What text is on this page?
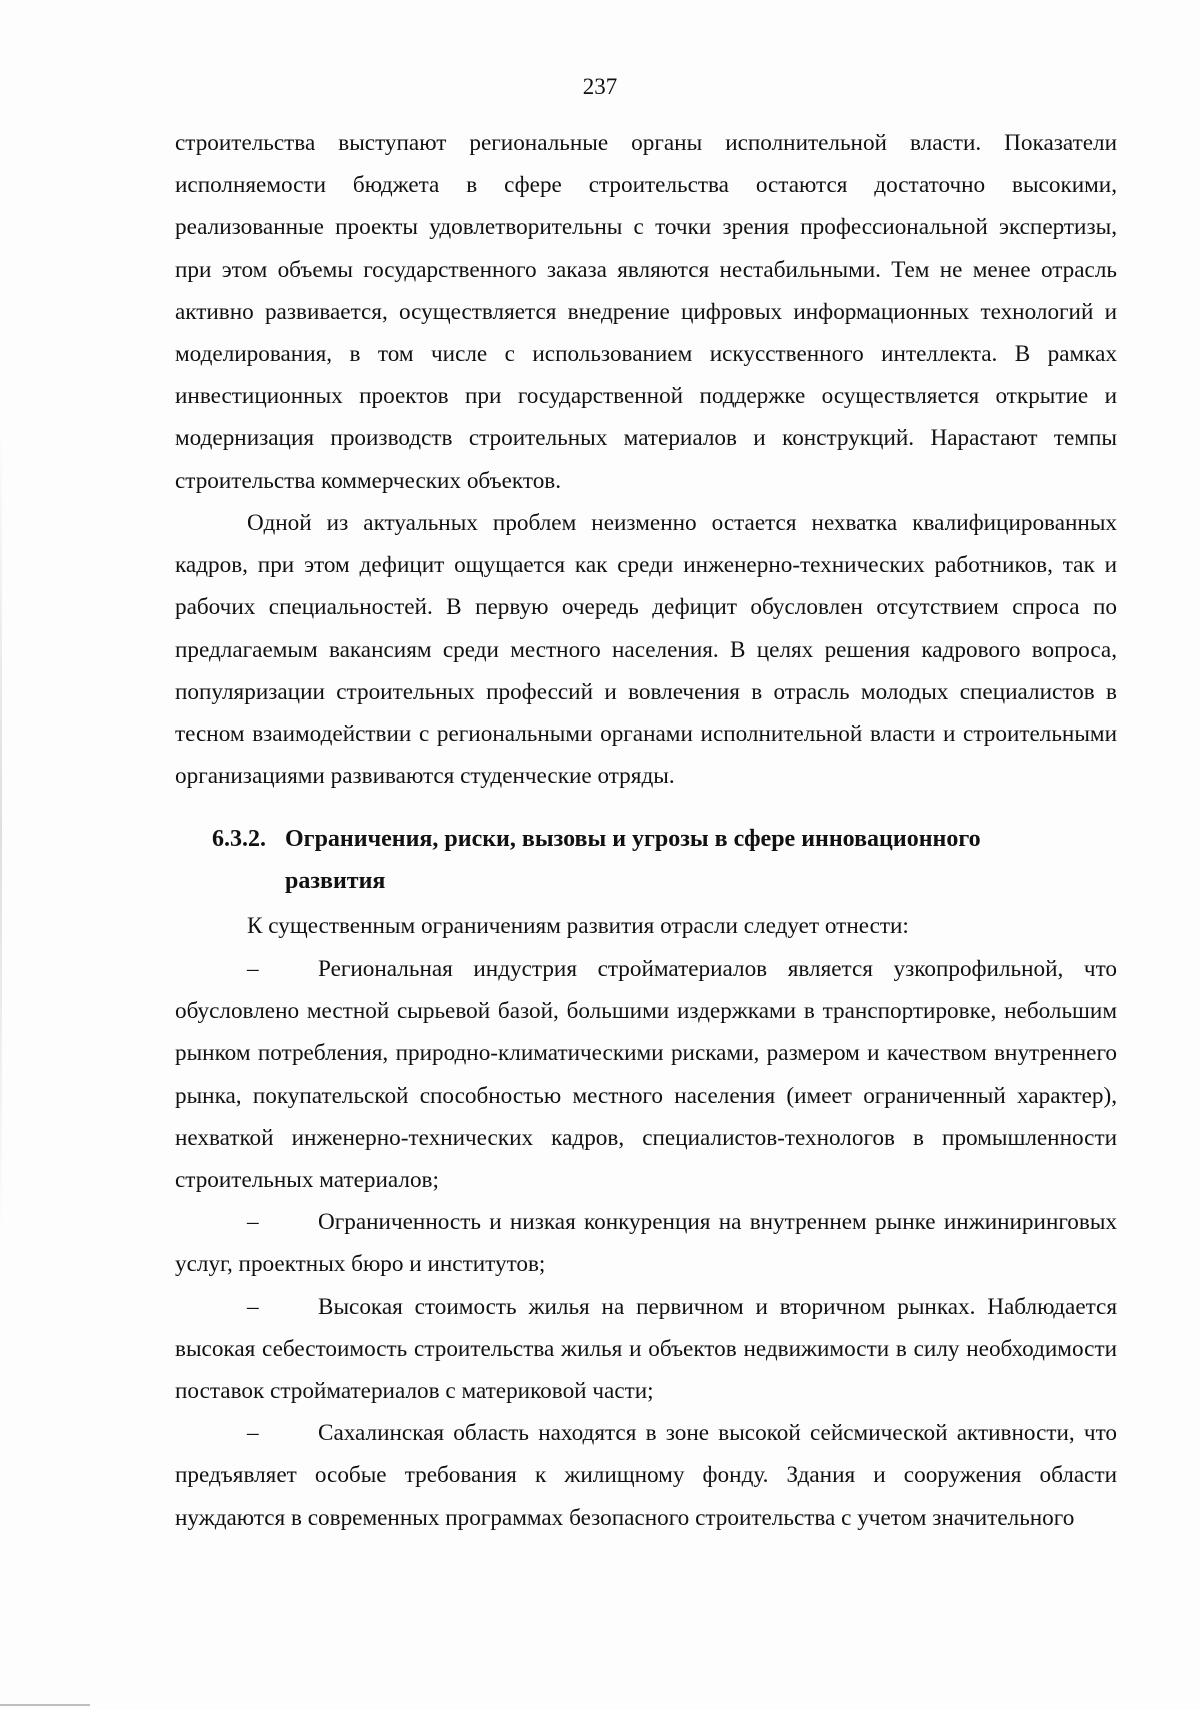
237

строительства выступают региональные органы исполнительной власти. Показатели исполняемости бюджета в сфере строительства остаются достаточно высокими, реализованные проекты удовлетворительны с точки зрения профессиональной экспертизы, при этом объемы государственного заказа являются нестабильными. Тем не менее отрасль активно развивается, осуществляется внедрение цифровых информационных технологий и моделирования, в том числе с использованием искусственного интеллекта. В рамках инвестиционных проектов при государственной поддержке осуществляется открытие и модернизация производств строительных материалов и конструкций. Нарастают темпы строительства коммерческих объектов.

Одной из актуальных проблем неизменно остается нехватка квалифицированных кадров, при этом дефицит ощущается как среди инженерно-технических работников, так и рабочих специальностей. В первую очередь дефицит обусловлен отсутствием спроса по предлагаемым вакансиям среди местного населения. В целях решения кадрового вопроса, популяризации строительных профессий и вовлечения в отрасль молодых специалистов в тесном взаимодействии с региональными органами исполнительной власти и строительными организациями развиваются студенческие отряды.

6.3.2. Ограничения, риски, вызовы и угрозы в сфере инновационного
развития

К существенным ограничениям развития отрасли следует отнести:

–	Региональная индустрия стройматериалов является узкопрофильной, что обусловлено местной сырьевой базой, большими издержками в транспортировке, небольшим рынком потребления, природно-климатическими рисками, размером и качеством внутреннего рынка, покупательской способностью местного населения (имеет ограниченный характер), нехваткой инженерно-технических кадров, специалистов-технологов в промышленности строительных материалов;

–	Ограниченность и низкая конкуренция на внутреннем рынке инжиниринговых услуг, проектных бюро и институтов;

–	Высокая стоимость жилья на первичном и вторичном рынках. Наблюдается высокая себестоимость строительства жилья и объектов недвижимости в силу необходимости поставок стройматериалов с материковой части;

–	Сахалинская область находятся в зоне высокой сейсмической активности, что предъявляет особые требования к жилищному фонду. Здания и сооружения области нуждаются в современных программах безопасного строительства с учетом значительного
